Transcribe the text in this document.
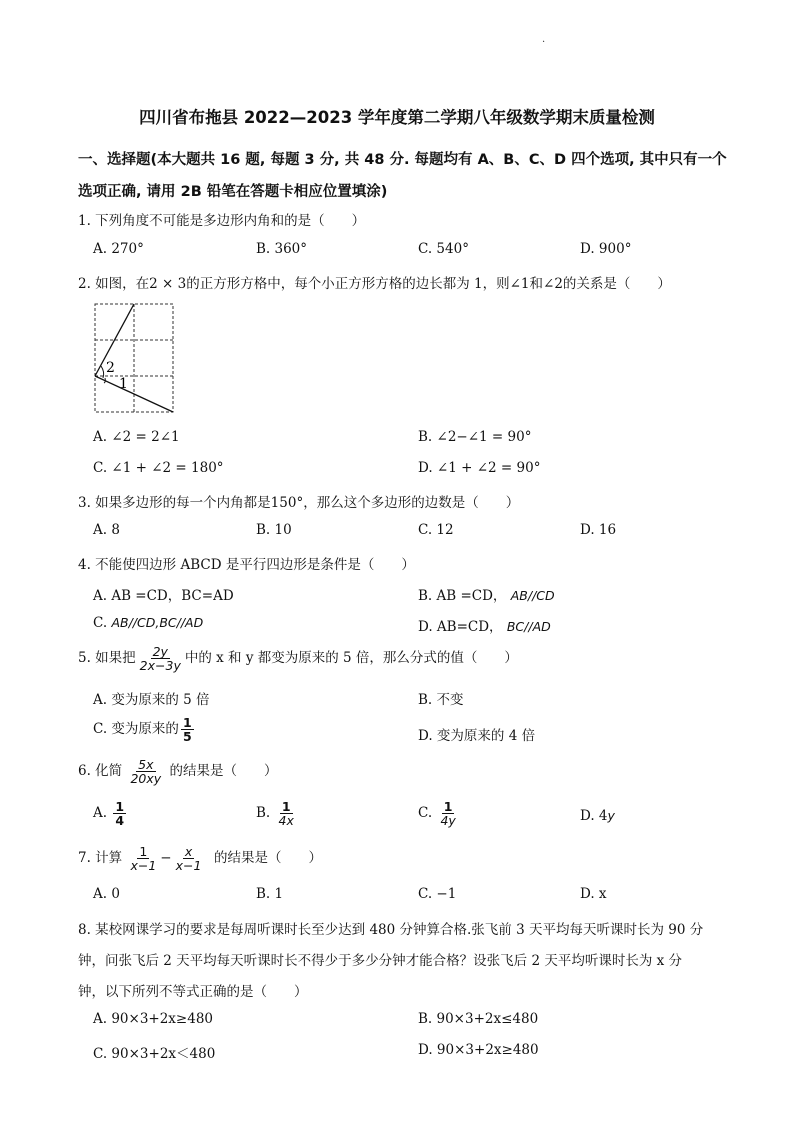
.
四川省布拖县 2022—2023 学年度第二学期八年级数学期末质量检测
一、选择题(本大题共 16 题, 每题 3 分, 共 48 分. 每题均有 A、B、C、D 四个选项, 其中只有一个
选项正确, 请用 2B 铅笔在答题卡相应位置填涂)
1. 下列角度不可能是多边形内角和的是（　　）
A. 270°	B. 360°	C. 540°	D. 900°
2. 如图，在2 × 3的正方形方格中，每个小正方形方格的边长都为 1，则∠1和∠2的关系是（　　）
2
1
A. ∠2 = 2∠1	B. ∠2−∠1 = 90°
C. ∠1 + ∠2 = 180°	D. ∠1 + ∠2 = 90°
3. 如果多边形的每一个内角都是150°，那么这个多边形的边数是（　　）
A. 8	B. 10	C. 12	D. 16
4. 不能使四边形 ABCD 是平行四边形是条件是（　　）
A. AB =CD，BC=AD	B. AB =CD， AB//CD
C. AB//CD,BC//AD	D. AB=CD， BC//AD
5. 如果把 $\frac{2y}{2x-3y}$ 中的 x 和 y 都变为原来的 5 倍，那么分式的值（　　）
A. 变为原来的 5 倍	B. 不变
C. 变为原来的 $\frac{1}{5}$	D. 变为原来的 4 倍
6. 化简 $\frac{5x}{20xy}$ 的结果是（　　）
A. $\frac{1}{4}$	B. $\frac{1}{4x}$	C. $\frac{1}{4y}$	D. 4y
7. 计算 $\frac{1}{x-1} - \frac{x}{x-1}$ 的结果是（　　）
A. 0	B. 1	C. −1	D. x
8. 某校网课学习的要求是每周听课时长至少达到 480 分钟算合格.张飞前 3 天平均每天听课时长为 90 分
钟，问张飞后 2 天平均每天听课时长不得少于多少分钟才能合格？设张飞后 2 天平均听课时长为 x 分
钟，以下所列不等式正确的是（　　）
A. 90×3+2x≥480	B. 90×3+2x≤480
C. 90×3+2x＜480	D. 90×3+2x≥480
